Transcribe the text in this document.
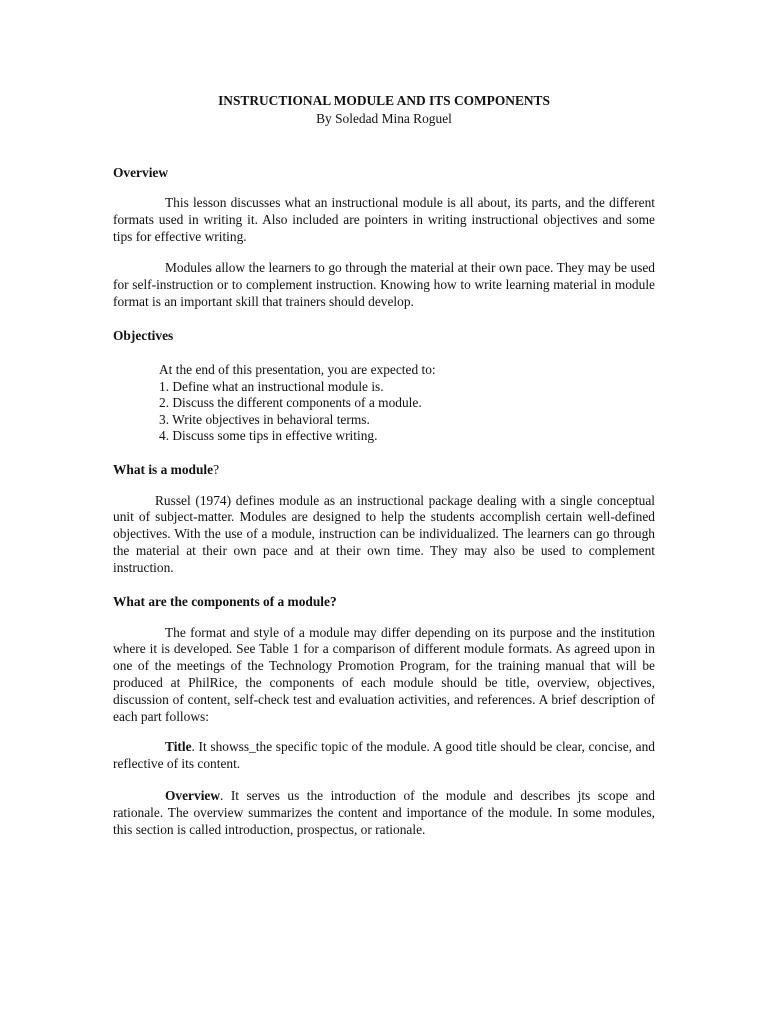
INSTRUCTIONAL MODULE AND ITS COMPONENTS
By Soledad Mina Roguel
Overview

This lesson discusses what an instructional module is all about, its parts, and the different formats used in writing it. Also included are pointers in writing instructional objectives and some tips for effective writing.

Modules allow the learners to go through the material at their own pace. They may be used for self-instruction or to complement instruction. Knowing how to write learning material in module format is an important skill that trainers should develop.

Objectives
At the end of this presentation, you are expected to:
1. Define what an instructional module is.
2. Discuss the different components of a module.
3. Write objectives in behavioral terms.
4. Discuss some tips in effective writing.
What is a module?

Russel (1974) defines module as an instructional package dealing with a single conceptual unit of subject-matter. Modules are designed to help the students accomplish certain well-defined objectives. With the use of a module, instruction can be individualized. The learners can go through the material at their own pace and at their own time. They may also be used to complement instruction.

What are the components of a module?

The format and style of a module may differ depending on its purpose and the institution where it is developed. See Table 1 for a comparison of different module formats. As agreed upon in one of the meetings of the Technology Promotion Program, for the training manual that will be produced at PhilRice, the components of each module should be title, overview, objectives, discussion of content, self-check test and evaluation activities, and references. A brief description of each part follows:

Title. It showss_the specific topic of the module. A good title should be clear, concise, and reflective of its content.

Overview. It serves us the introduction of the module and describes jts scope and rationale. The overview summarizes the content and importance of the module. In some modules, this section is called introduction, prospectus, or rationale.
